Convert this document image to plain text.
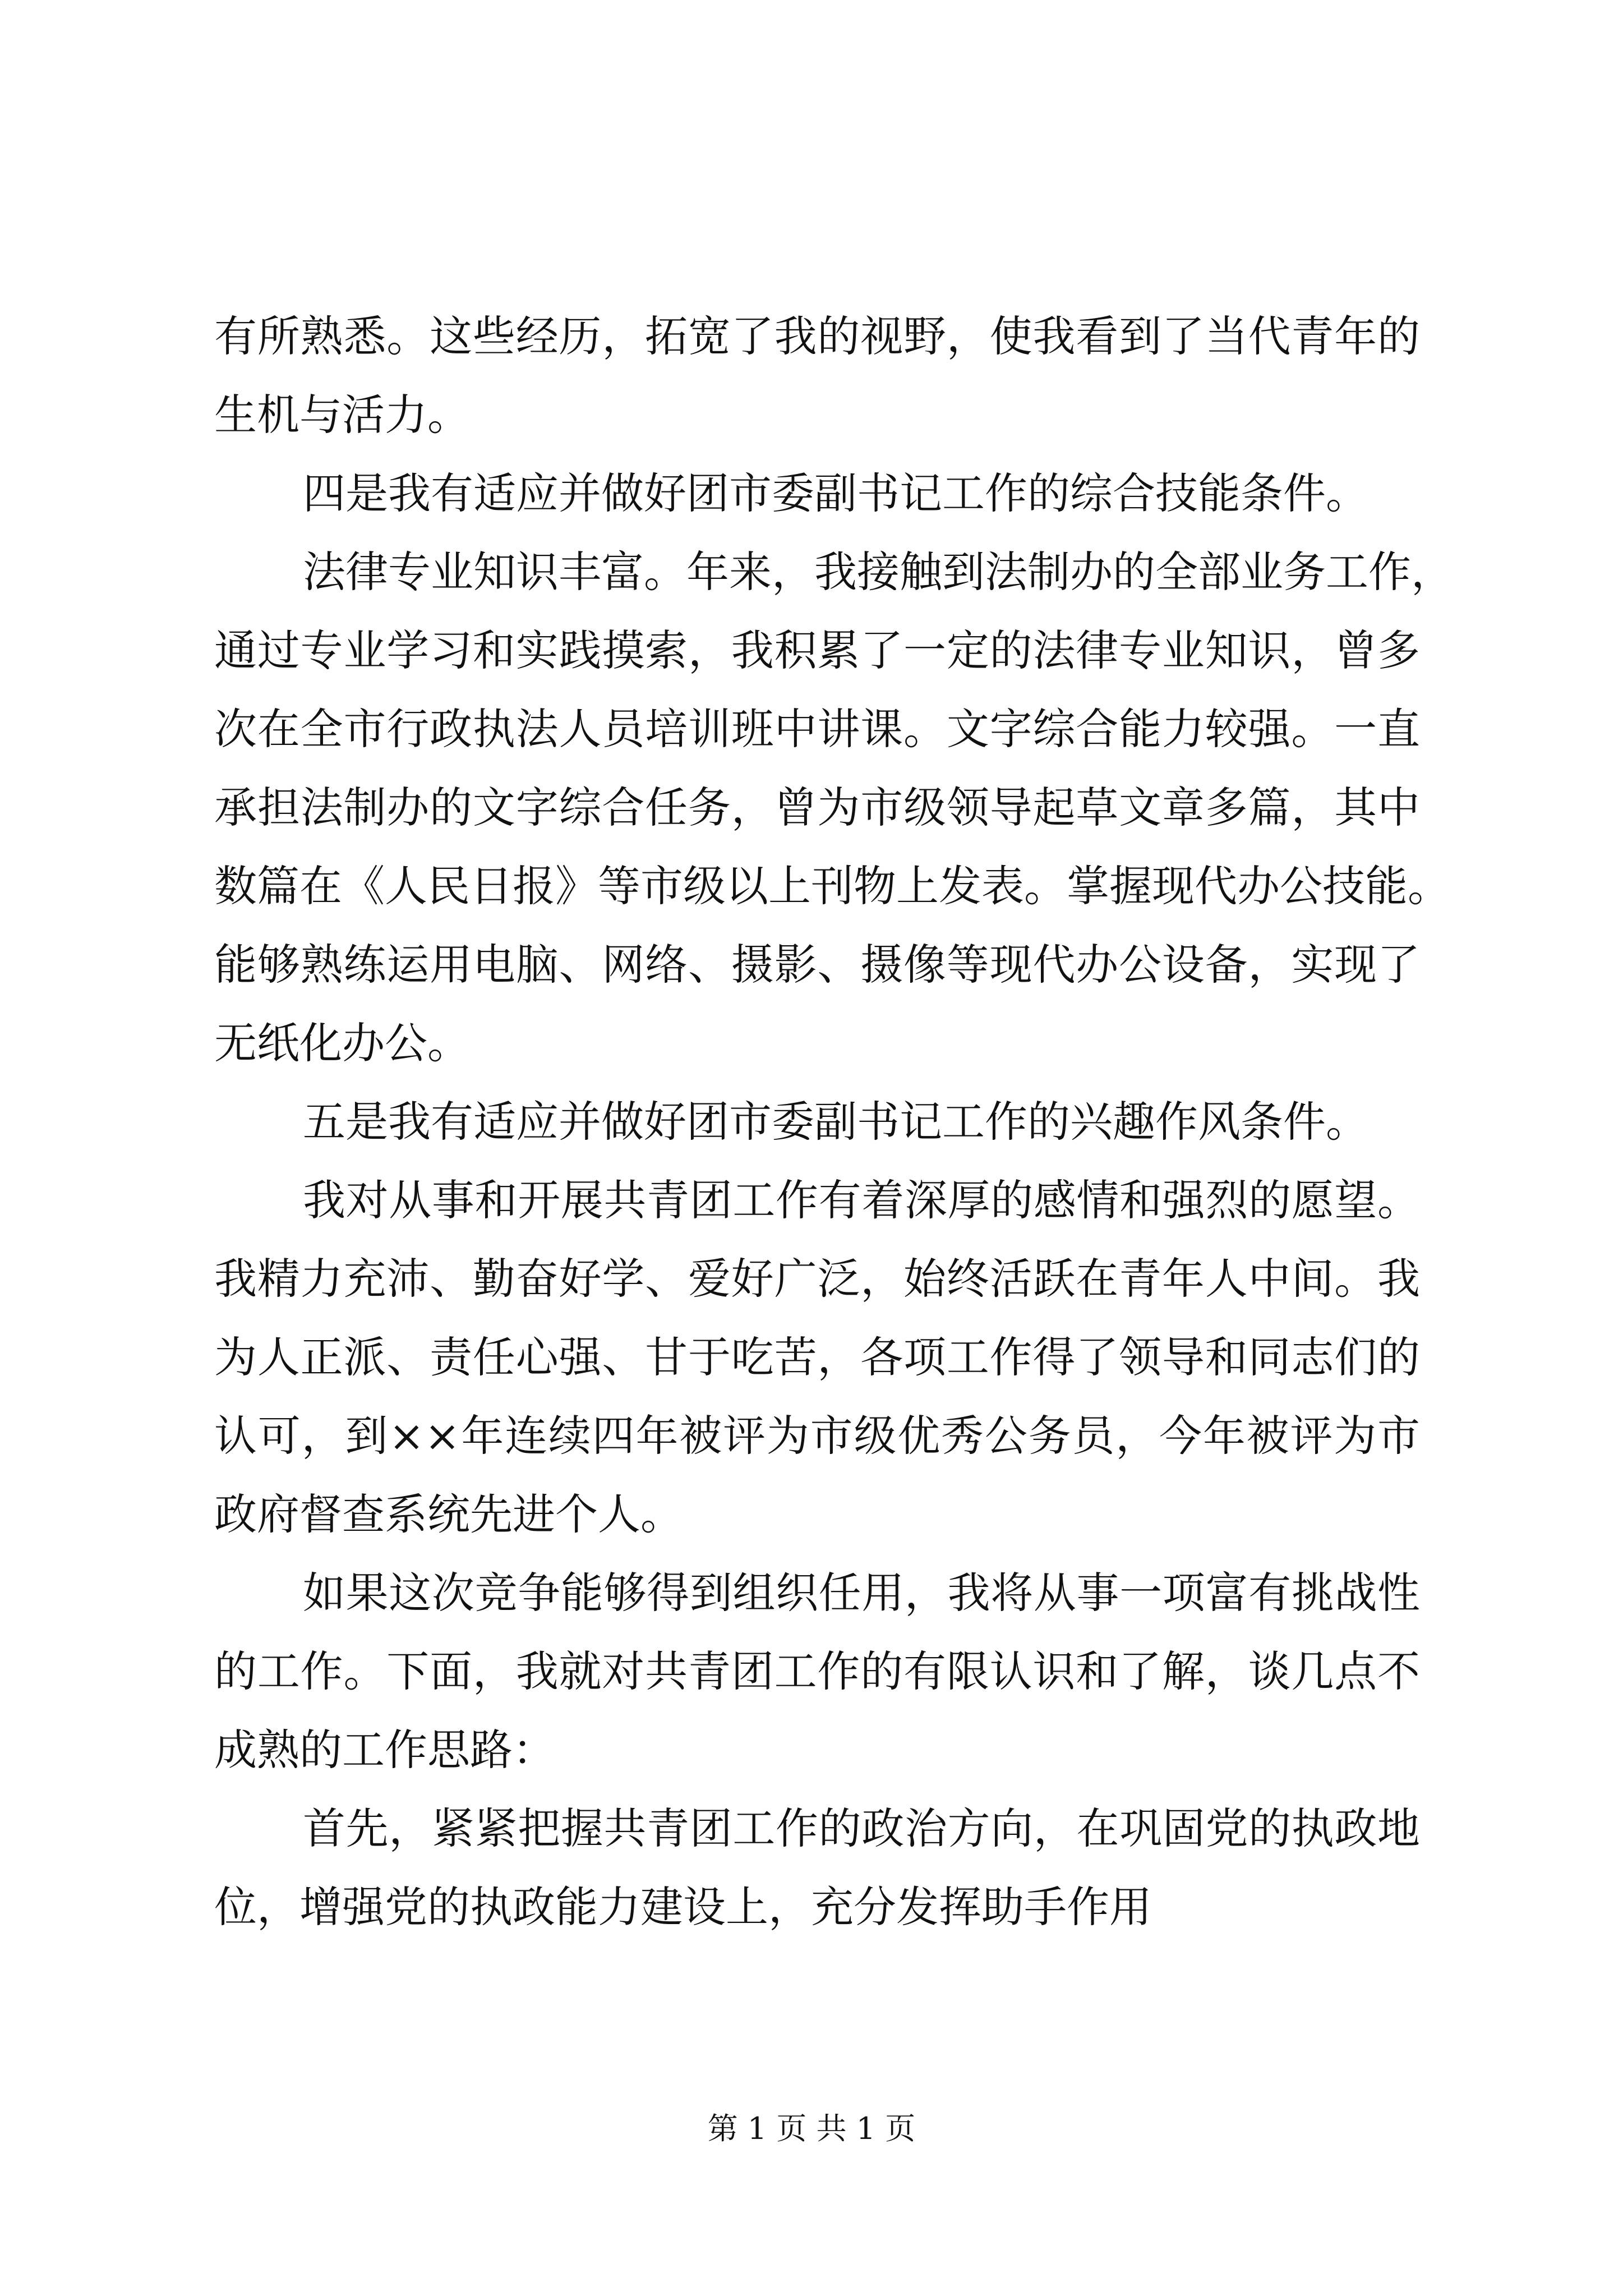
有所熟悉。这些经历，拓宽了我的视野，使我看到了当代青年的
生机与活力。
四是我有适应并做好团市委副书记工作的综合技能条件。
法律专业知识丰富。年来，我接触到法制办的全部业务工作，
通过专业学习和实践摸索，我积累了一定的法律专业知识，曾多
次在全市行政执法人员培训班中讲课。文字综合能力较强。一直
承担法制办的文字综合任务，曾为市级领导起草文章多篇，其中
数篇在《人民日报》等市级以上刊物上发表。掌握现代办公技能。
能够熟练运用电脑、网络、摄影、摄像等现代办公设备，实现了
无纸化办公。
五是我有适应并做好团市委副书记工作的兴趣作风条件。
我对从事和开展共青团工作有着深厚的感情和强烈的愿望。
我精力充沛、勤奋好学、爱好广泛，始终活跃在青年人中间。我
为人正派、责任心强、甘于吃苦，各项工作得了领导和同志们的
认可，到××年连续四年被评为市级优秀公务员，今年被评为市
政府督查系统先进个人。
如果这次竞争能够得到组织任用，我将从事一项富有挑战性
的工作。下面，我就对共青团工作的有限认识和了解，谈几点不
成熟的工作思路：
首先，紧紧把握共青团工作的政治方向，在巩固党的执政地
位，增强党的执政能力建设上，充分发挥助手作用
第 1 页 共 1 页
